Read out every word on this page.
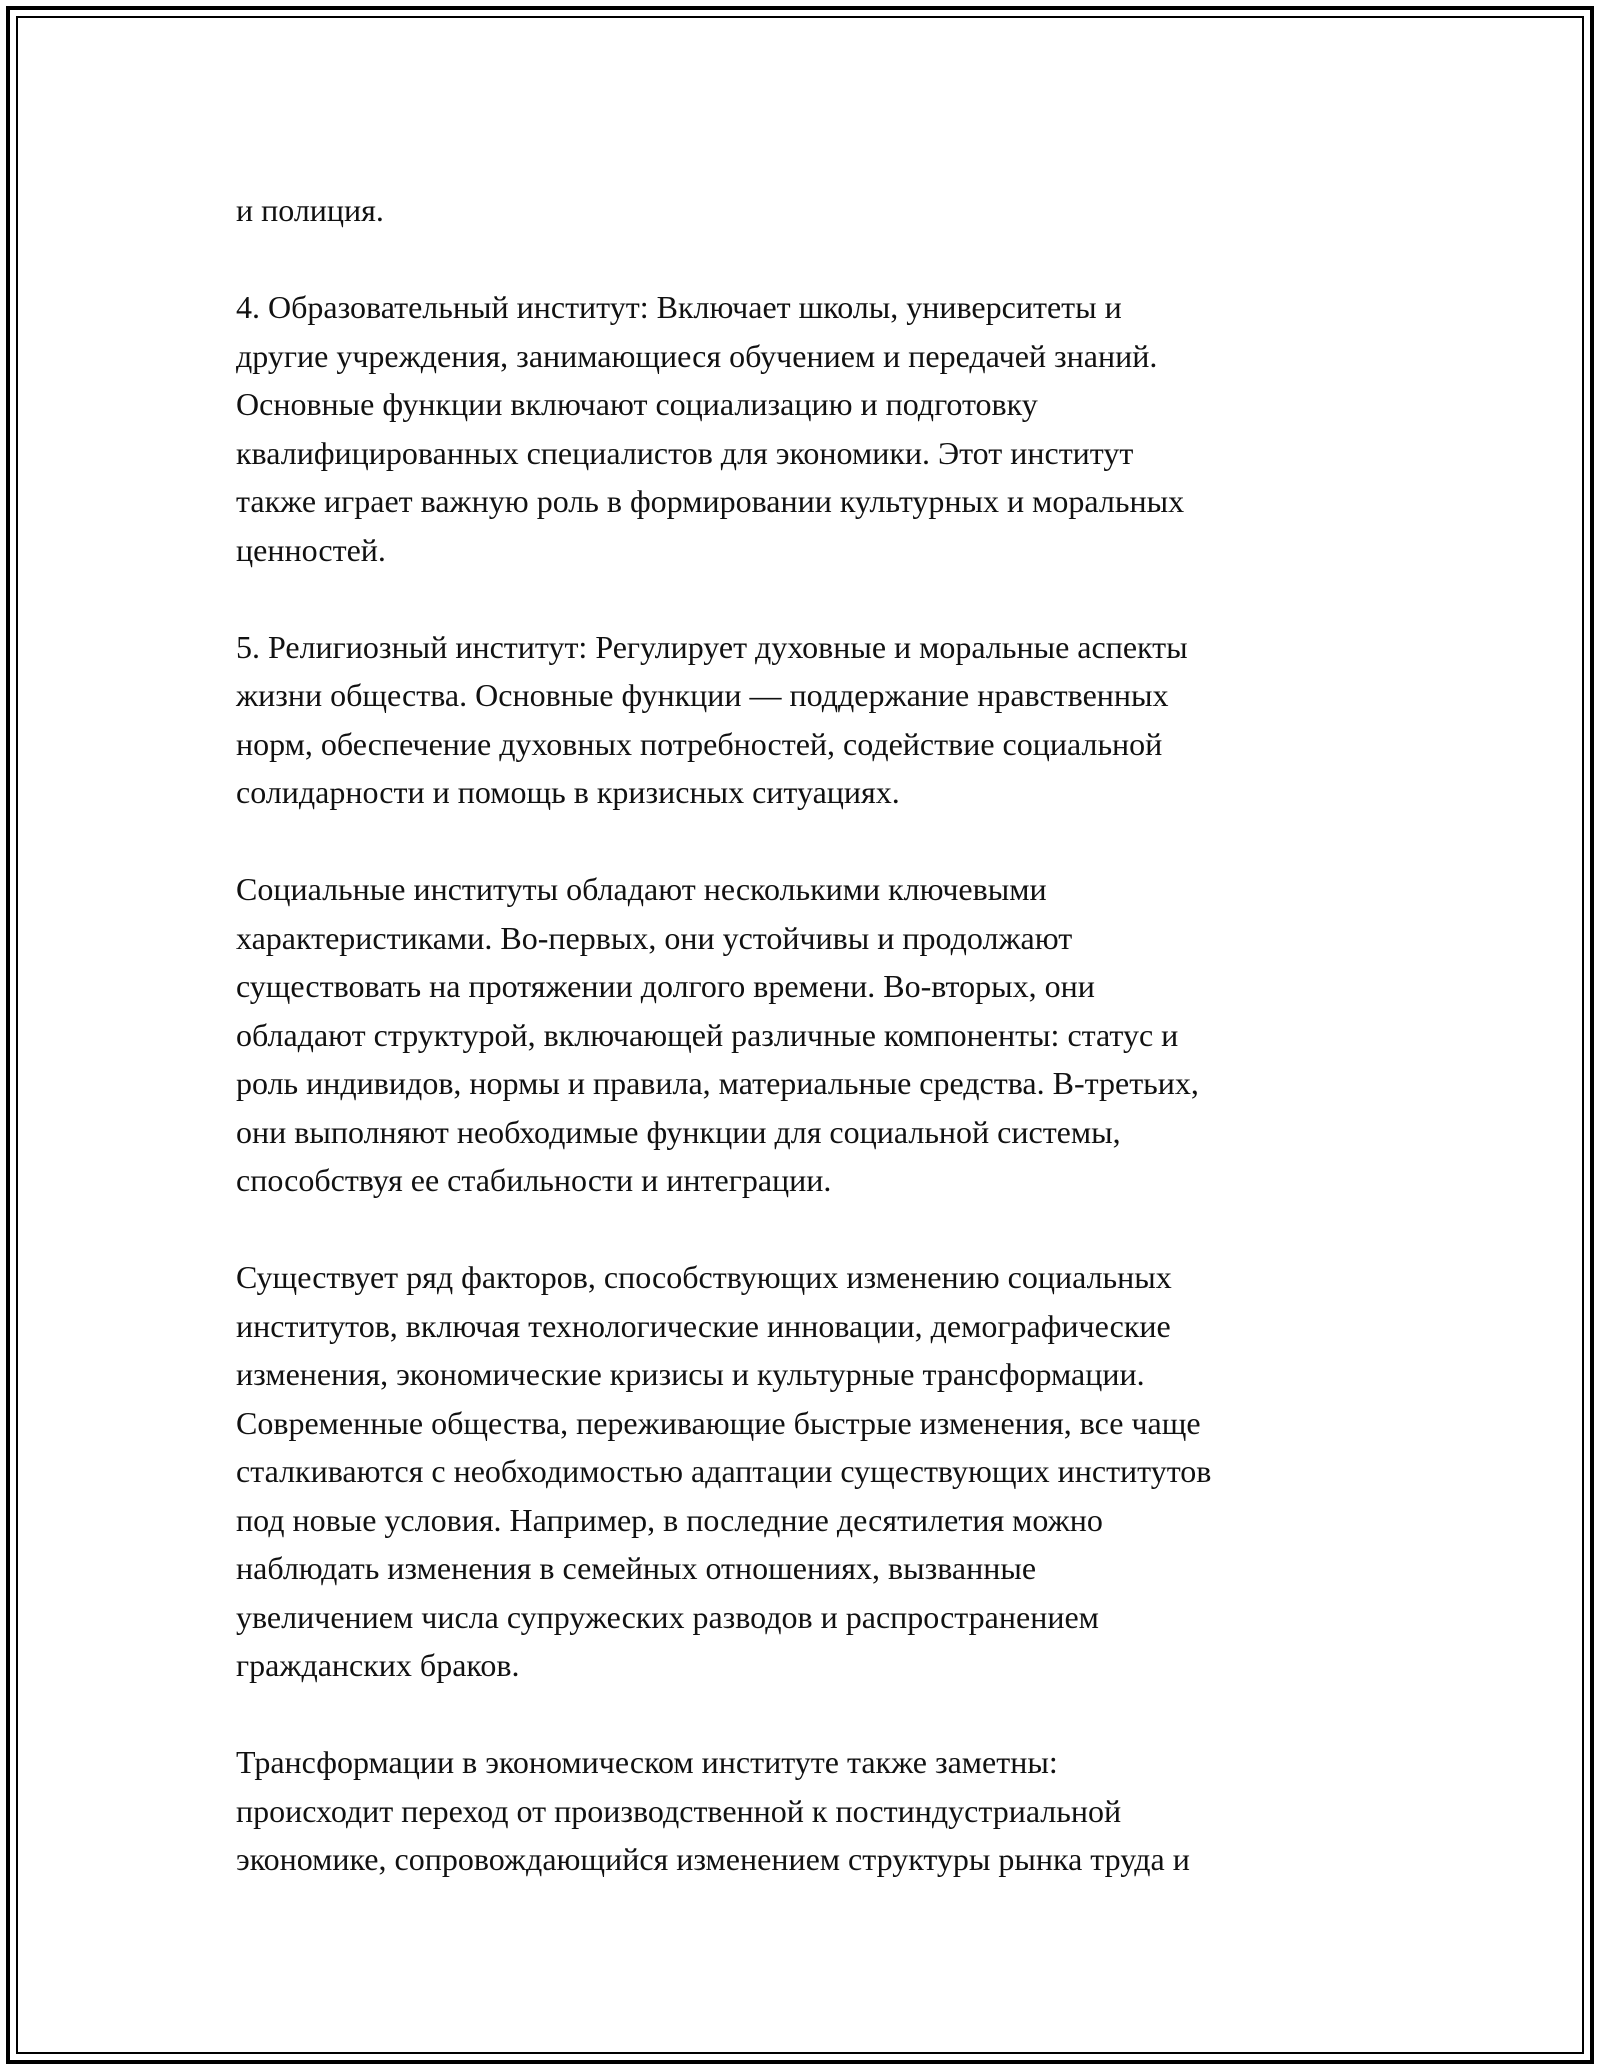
и полиция.

4. Образовательный институт: Включает школы, университеты и
другие учреждения, занимающиеся обучением и передачей знаний.
Основные функции включают социализацию и подготовку
квалифицированных специалистов для экономики. Этот институт
также играет важную роль в формировании культурных и моральных
ценностей.

5. Религиозный институт: Регулирует духовные и моральные аспекты
жизни общества. Основные функции — поддержание нравственных
норм, обеспечение духовных потребностей, содействие социальной
солидарности и помощь в кризисных ситуациях.

Социальные институты обладают несколькими ключевыми
характеристиками. Во-первых, они устойчивы и продолжают
существовать на протяжении долгого времени. Во-вторых, они
обладают структурой, включающей различные компоненты: статус и
роль индивидов, нормы и правила, материальные средства. В-третьих,
они выполняют необходимые функции для социальной системы,
способствуя ее стабильности и интеграции.

Существует ряд факторов, способствующих изменению социальных
институтов, включая технологические инновации, демографические
изменения, экономические кризисы и культурные трансформации.
Современные общества, переживающие быстрые изменения, все чаще
сталкиваются с необходимостью адаптации существующих институтов
под новые условия. Например, в последние десятилетия можно
наблюдать изменения в семейных отношениях, вызванные
увеличением числа супружеских разводов и распространением
гражданских браков.

Трансформации в экономическом институте также заметны:
происходит переход от производственной к постиндустриальной
экономике, сопровождающийся изменением структуры рынка труда и
